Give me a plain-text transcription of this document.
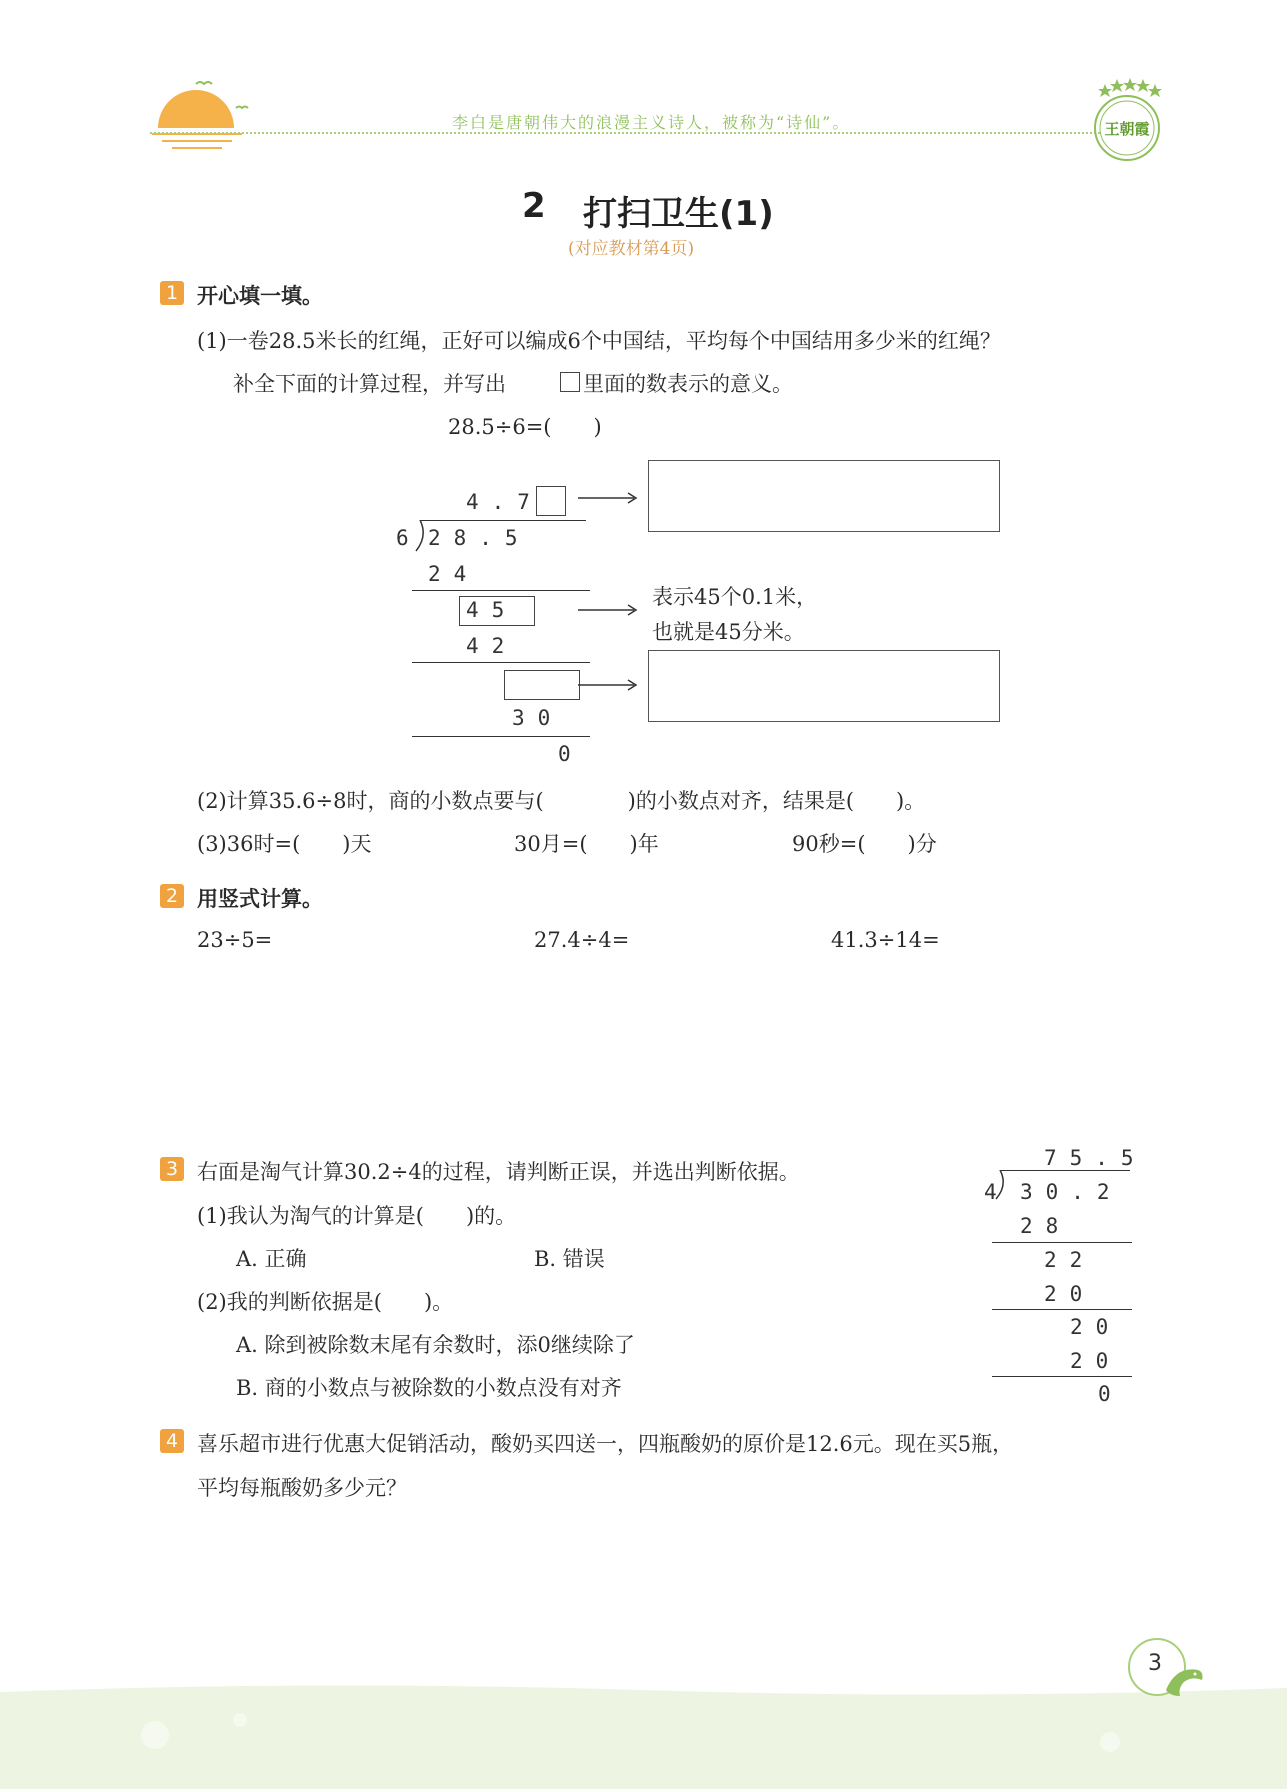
李白是唐朝伟大的浪漫主义诗人，被称为“诗仙”。	王朝霞
2 打扫卫生(1)
(对应教材第4页)
1 开心填一填。
(1)一卷28.5米长的红绳，正好可以编成6个中国结，平均每个中国结用多少米的红绳？
补全下面的计算过程，并写出	里面的数表示的意义。
28.5÷6=(　　)
4.7
6 28.5
24
45
42
30
0
表示45个0.1米，
也就是45分米。
(2)计算35.6÷8时，商的小数点要与(　　　　)的小数点对齐，结果是(　　)。
(3)36时=(　　)天	30月=(　　)年	90秒=(　　)分
2 用竖式计算。
23÷5=	27.4÷4=	41.3÷14=
3 右面是淘气计算30.2÷4的过程，请判断正误，并选出判断依据。
(1)我认为淘气的计算是(　　)的。
A. 正确	B. 错误
(2)我的判断依据是(　　)。
A. 除到被除数末尾有余数时，添0继续除了
B. 商的小数点与被除数的小数点没有对齐
75.5
4 30.2
28
22
20
20
20
0
4 喜乐超市进行优惠大促销活动，酸奶买四送一，四瓶酸奶的原价是12.6元。现在买5瓶，
平均每瓶酸奶多少元？
3
